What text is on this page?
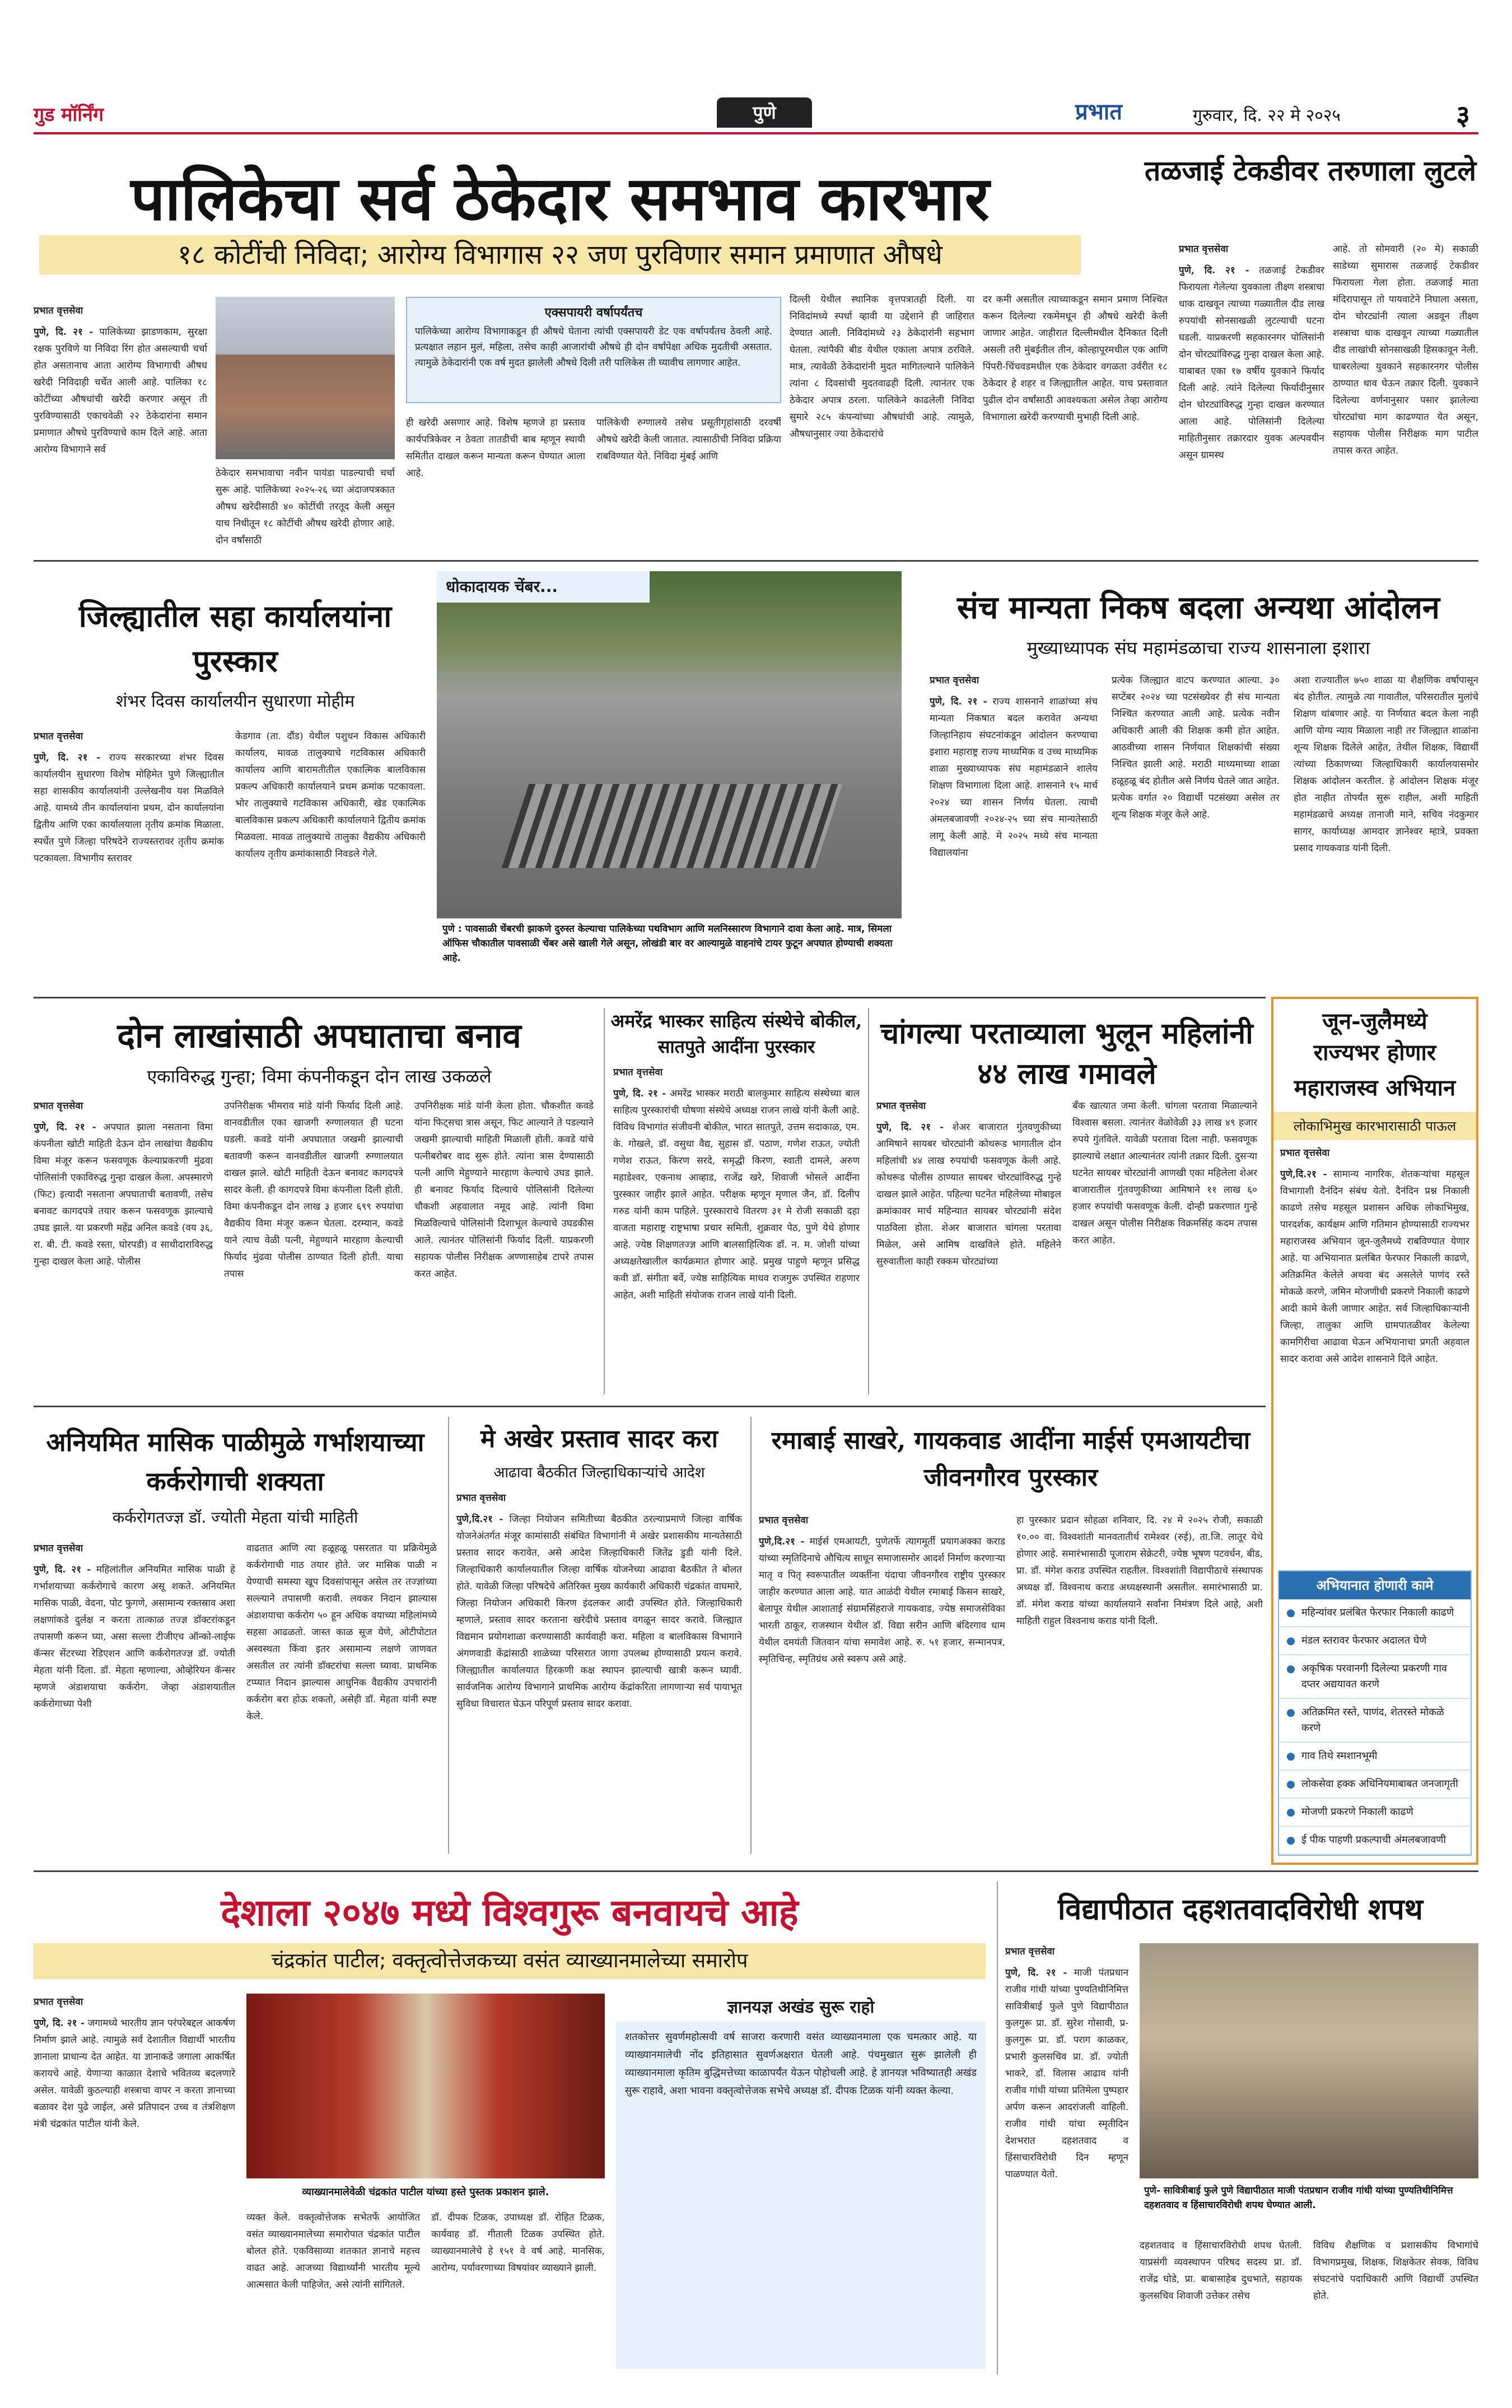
गुड मॉर्निंग	पुणे	प्रभात	गुरुवार, दि. २२ मे २०२५	३
पालिकेचा सर्व ठेकेदार समभाव कारभार
१८ कोटींची निविदा; आरोग्य विभागास २२ जण पुरविणार समान प्रमाणात औषधे
प्रभात वृत्तसेवा
पुणे, दि. २१ - पालिकेच्या झाडणकाम, सुरक्षा रक्षक पुरविणे या निविदा रिंग होत असल्याची चर्चा होत असतानाच आता आरोग्य विभागाची औषध खरेदी निविदाही चर्चेत आली आहे. पालिका १८ कोटींच्या औषधांची खरेदी करणार असून ती पुरविण्यासाठी एकाचवेळी २२ ठेकेदारांना समान प्रमाणात औषधे पुरविण्याचे काम दिले आहे. आता आरोग्य विभागाने सर्व
ठेकेदार समभावाचा नवीन पायंडा पाडल्याची चर्चा सुरू आहे. पालिकेच्या २०२५-२६ च्या अंदाजपत्रकात औषध खरेदीसाठी ४० कोटींची तरतूद केली असून याच निधीतून १८ कोटींची औषध खरेदी होणार आहे. दोन वर्षांसाठी
एक्सपायरी वर्षापर्यंतच
पालिकेच्या आरोग्य विभागाकडून ही औषधे घेताना त्यांची एक्सपायरी डेट एक वर्षापर्यंतच ठेवली आहे. प्रत्यक्षात लहान मुलं, महिला, तसेच काही आजारांची औषधे ही दोन वर्षांपेक्षा अधिक मुदतीची असतात. त्यामुळे ठेकेदारांनी एक वर्ष मुदत झालेली औषधे दिली तरी पालिकेस ती घ्यावीच लागणार आहेत.
ही खरेदी असणार आहे. विशेष म्हणजे हा प्रस्ताव कार्यपत्रिकेवर न ठेवता तातडीची बाब म्हणून स्थायी समितीत दाखल करून मान्यता करून घेण्यात आला आहे.
पालिकेची रुग्णालये तसेच प्रसूतीगृहांसाठी दरवर्षी औषधे खरेदी केली जातात. त्यासाठीची निविदा प्रक्रिया राबविण्यात येते. निविदा मुंबई आणि
दिल्ली येथील स्थानिक वृत्तपत्रातही दिली. या निविदांमध्ये स्पर्धा व्हावी या उद्देशाने ही जाहिरात देण्यात आली. निविदांमध्ये २३ ठेकेदारांनी सहभाग घेतला. त्यांपैकी बीड येथील एकाला अपात्र ठरविले. मात्र, त्यावेळी ठेकेदारांनी मुदत मागितल्याने पालिकेने त्यांना ८ दिवसांची मुदतवाढही दिली. त्यानंतर एक ठेकेदार अपात्र ठरला. पालिकेने काढलेली निविदा सुमारे २८५ कंपन्यांच्या औषधांची आहे. त्यामुळे, औषधानुसार ज्या ठेकेदारांचे
दर कमी असतील त्याच्याकडून समान प्रमाण निश्चित करून दिलेल्या रकमेमधून ही औषधे खरेदी केली जाणार आहेत. जाहीरात दिल्लीमधील दैनिकात दिली असली तरी मुंबईतील तीन, कोल्हापूरमधील एक आणि पिंपरी-चिंचवडमधील एक ठेकेदार वगळता उर्वरीत १८ ठेकेदार हे शहर व जिल्ह्यातील आहेत. याच प्रस्तावात पुढील दोन वर्षांसाठी आवश्यकता असेल तेव्हा आरोग्य विभागाला खरेदी करण्याची मुभाही दिली आहे.
तळजाई टेकडीवर तरुणाला लुटले
प्रभात वृत्तसेवा
पुणे, दि. २१ - तळजाई टेकडीवर फिरायला गेलेल्या युवकाला तीक्ष्ण शस्त्राचा धाक दाखवून त्याच्या गळ्यातील दीड लाख रुपयांची सोनसाखळी लुटल्याची घटना घडली. याप्रकरणी सहकारनगर पोलिसांनी दोन चोरट्यांविरुद्ध गुन्हा दाखल केला आहे. याबाबत एका १७ वर्षीय युवकाने फिर्याद दिली आहे. त्यांने दिलेल्या फिर्यादीनुसार दोन चोरट्यांविरुद्ध गुन्हा दाखल करण्यात आला आहे. पोलिसांनी दिलेल्या माहितीनुसार तक्रारदार युवक अल्पवयीन असून ग्रामस्थ
आहे. तो सोमवारी (२० मे) सकाळी साडेच्या सुमारास तळजाई टेकडीवर फिरायला गेला होता. तळजाई माता मंदिरापासून तो पायवाटेने निघाला असता, दोन चोरट्यांनी त्याला अडवून तीक्ष्ण शस्त्राचा धाक दाखवून त्याच्या गळ्यातील दीड लाखांची सोनसाखळी हिसकावून नेली. घाबरलेल्या युवकाने सहकारनगर पोलीस ठाण्यात धाव घेऊन तक्रार दिली. युवकाने दिलेल्या वर्णनानुसार पसार झालेल्या चोरट्यांचा माग काढण्यात येत असून, सहायक पोलीस निरीक्षक माग पाटील तपास करत आहेत.
जिल्ह्यातील सहा कार्यालयांना पुरस्कार
शंभर दिवस कार्यालयीन सुधारणा मोहीम
प्रभात वृत्तसेवा
पुणे, दि. २१ - राज्य सरकारच्या शंभर दिवस कार्यालयीन सुधारणा विशेष मोहिमेत पुणे जिल्ह्यातील सहा शासकीय कार्यालयांनी उल्लेखनीय यश मिळविले आहे. यामध्ये तीन कार्यालयांना प्रथम, दोन कार्यालयांना द्वितीय आणि एका कार्यालयाला तृतीय क्रमांक मिळाला. स्पर्धेत पुणे जिल्हा परिषदेने राज्यस्तरावर तृतीय क्रमांक पटकावला. विभागीय स्तरावर
केडगाव (ता. दौंड) येथील पशुधन विकास अधिकारी कार्यालय, मावळ तालुक्याचे गटविकास अधिकारी कार्यालय आणि बारामतीतील एकात्मिक बालविकास प्रकल्प अधिकारी कार्यालयाने प्रथम क्रमांक पटकावला. भोर तालुक्याचे गटविकास अधिकारी, खेड एकात्मिक बालविकास प्रकल्प अधिकारी कार्यालयाने द्वितीय क्रमांक मिळवला. मावळ तालुक्याचे तालुका वैद्यकीय अधिकारी कार्यालय तृतीय क्रमांकासाठी निवडले गेले.
धोकादायक चेंबर...
पुणे : पावसाळी चेंबरची झाकणे दुरुस्त केल्याचा पालिकेच्या पथविभाग आणि मलनिस्सारण विभागाने दावा केला आहे. मात्र, सिमला ऑफिस चौकातील पावसाळी चेंबर असे खाली गेले असून, लोखंडी बार वर आल्यामुळे वाहनांचे टायर फुटून अपघात होण्याची शक्यता आहे.
संच मान्यता निकष बदला अन्यथा आंदोलन
मुख्याध्यापक संघ महामंडळाचा राज्य शासनाला इशारा
प्रभात वृत्तसेवा
पुणे, दि. २१ - राज्य शासनाने शाळांच्या संच मान्यता निकषात बदल करावेत अन्यथा जिल्हानिहाय संघटनांकडून आंदोलन करण्याचा इशारा महाराष्ट्र राज्य माध्यमिक व उच्च माध्यमिक शाळा मुख्याध्यापक संघ महामंडळाने शालेय शिक्षण विभागाला दिला आहे. शासनाने १५ मार्च २०२४ च्या शासन निर्णय घेतला. त्याची अंमलबजावणी २०२४-२५ च्या संच मान्यतेसाठी लागू केली आहे. मे २०२५ मध्ये संच मान्यता विद्यालयांना
प्रत्येक जिल्ह्यात वाटप करण्यात आल्या. ३० सप्टेंबर २०२४ च्या पटसंख्येवर ही संच मान्यता निश्चित करण्यात आली आहे. प्रत्येक नवीन अधिकारी आली की शिक्षक कमी होत आहेत. आठवीच्या शासन निर्णयात शिक्षकांची संख्या निश्चित झाली आहे. मराठी माध्यमाच्या शाळा हळूहळू बंद होतील असे निर्णय घेतले जात आहेत. प्रत्येक वर्गात २० विद्यार्थी पटसंख्या असेल तर शून्य शिक्षक मंजूर केले आहे.
अशा राज्यातील ७५० शाळा या शैक्षणिक वर्षापासून बंद होतील. त्यामुळे त्या गावातील, परिसरातील मुलांचे शिक्षण थांबणार आहे. या निर्णयात बदल केला नाही आणि योग्य न्याय मिळाला नाही तर जिल्ह्यात शाळांना शून्य शिक्षक दिलेले आहेत, तेथील शिक्षक, विद्यार्थी त्यांच्या ठिकाणच्या जिल्हाधिकारी कार्यालयासमोर शिक्षक आंदोलन करतील. हे आंदोलन शिक्षक मंजूर होत नाहीत तोपर्यंत सुरू राहील, अशी माहिती महामंडळाचे अध्यक्ष तानाजी माने, सचिव नंदकुमार सागर, कार्याध्यक्ष आमदार ज्ञानेश्वर म्हात्रे, प्रवक्ता प्रसाद गायकवाड यांनी दिली.
दोन लाखांसाठी अपघाताचा बनाव
एकाविरुद्ध गुन्हा; विमा कंपनीकडून दोन लाख उकळले
प्रभात वृत्तसेवा
पुणे, दि. २१ - अपघात झाला नसताना विमा कंपनीला खोटी माहिती देऊन दोन लाखांचा वैद्यकीय विमा मंजूर करून फसवणूक केल्याप्रकरणी मुंढवा पोलिसांनी एकाविरुद्ध गुन्हा दाखल केला. अपस्मारणे (फिट) इत्यादी नसताना अपघाताची बतावणी, तसेच बनावट कागदपत्रे तयार करून फसवणूक झाल्याचे उघड झाले. या प्रकरणी महेंद्र अनिल कवडे (वय ३६, रा. बी. टी. कवडे रस्ता, घोरपडी) व साथीदाराविरुद्ध गुन्हा दाखल केला आहे. पोलीस
उपनिरीक्षक भीमराव मांडे यांनी फिर्याद दिली आहे. वानवडीतील एका खाजगी रुग्णालयात ही घटना घडली. कवडे यांनी अपघातात जखमी झाल्याची बतावणी करून वानवडीतील खाजगी रुग्णालयात दाखल झाले. खोटी माहिती देऊन बनावट कागदपत्रे सादर केली. ही कागदपत्रे विमा कंपनीला दिली होती. विमा कंपनीकडून दोन लाख ३ हजार ६९९ रुपयांचा वैद्यकीय विमा मंजूर करून घेतला. दरम्यान, कवडे याने त्याच वेळी पत्नी, मेहुण्याने मारहाण केल्याची फिर्याद मुंढवा पोलीस ठाण्यात दिली होती. याचा तपास
उपनिरीक्षक मांडे यांनी केला होता. चौकशीत कवडे यांना फिट्सचा त्रास असून, फिट आल्याने ते पडल्याने जखमी झाल्याची माहिती मिळाली होती. कवडे यांचे पत्नीबरोबर वाद सुरू होते. त्यांना त्रास देण्यासाठी पत्नी आणि मेहुण्याने मारहाण केल्याचे उघड झाले. ही बनावट फिर्याद दिल्याचे पोलिसांनी दिलेल्या चौकशी अहवालात नमूद आहे. त्यांनी विमा मिळविल्याचे पोलिसांनी दिशाभूल केल्याचे उघडकीस आले. त्यानंतर पोलिसांनी फिर्याद दिली. याप्रकरणी सहायक पोलीस निरीक्षक अण्णासाहेब टापरे तपास करत आहेत.
अमरेंद्र भास्कर साहित्य संस्थेचे बोकील, सातपुते आदींना पुरस्कार
प्रभात वृत्तसेवा
पुणे, दि. २१ - अमरेंद्र भास्कर मराठी बालकुमार साहित्य संस्थेच्या बाल साहित्य पुरस्कारांची घोषणा संस्थेचे अध्यक्ष राजन लाखे यांनी केली आहे. विविध विभागांत संजीवनी बोकील, भारत सातपुते, उत्तम सदाकाळ, एम. के. गोखले, डॉ. वसुधा वैद्य, सुहास डॉ. पठाण, गणेश राऊत, ज्योती गणेश राऊत, किरण सरदे, समृद्धी किरण, स्वाती दामले, अरुण महाडेश्वर, एकनाथ आव्हाड, राजेंद्र खरे, शिवाजी भोसले आदींना पुरस्कार जाहीर झाले आहेत. परीक्षक म्हणून मृणाल जैन, डॉ. दिलीप गरुड यांनी काम पाहिले. पुरस्काराचे वितरण ३१ मे रोजी सकाळी दहा वाजता महाराष्ट्र राष्ट्रभाषा प्रचार समिती, शुक्रवार पेठ, पुणे येथे होणार आहे. ज्येष्ठ शिक्षणतज्ज्ञ आणि बालसाहित्यिक डॉ. न. म. जोशी यांच्या अध्यक्षतेखालील कार्यक्रमात होणार आहे. प्रमुख पाहुणे म्हणून प्रसिद्ध कवी डॉ. संगीता बर्वे, ज्येष्ठ साहित्यिक माधव राजगुरू उपस्थित राहणार आहेत, अशी माहिती संयोजक राजन लाखे यांनी दिली.
चांगल्या परताव्याला भुलून महिलांनी ४४ लाख गमावले
प्रभात वृत्तसेवा
पुणे, दि. २१ - शेअर बाजारात गुंतवणुकीच्या आमिषाने सायबर चोरट्यांनी कोथरूड भागातील दोन महिलांची ४४ लाख रुपयांची फसवणूक केली आहे. कोथरूड पोलीस ठाण्यात सायबर चोरट्यांविरुद्ध गुन्हे दाखल झाले आहेत. पहिल्या घटनेत महिलेच्या मोबाइल क्रमांकावर मार्च महिन्यात सायबर चोरट्यांनी संदेश पाठविला होता. शेअर बाजारात चांगला परतावा मिळेल, असे आमिष दाखविले होते. महिलेने सुरुवातीला काही रक्कम चोरट्यांच्या
बँक खात्यात जमा केली. चांगला परतावा मिळाल्याने विश्वास बसला. त्यानंतर वेळोवेळी ३३ लाख ४९ हजार रुपये गुंतविले. यावेळी परतावा दिला नाही. फसवणूक झाल्याचे लक्षात आल्यानंतर त्यांनी तक्रार दिली. दुसऱ्या घटनेत सायबर चोरट्यांनी आणखी एका महिलेला शेअर बाजारातील गुंतवणुकीच्या आमिषाने ११ लाख ६० हजार रुपयांची फसवणूक केली. दोन्ही प्रकरणात गुन्हे दाखल असून पोलीस निरीक्षक विक्रमसिंह कदम तपास करत आहेत.
जून-जुलैमध्ये
राज्यभर होणार
महाराजस्व अभियान
लोकाभिमुख कारभारासाठी पाऊल
प्रभात वृत्तसेवा
पुणे,दि.२१ - सामान्य नागरिक, शेतकऱ्यांचा महसूल विभागाशी दैनंदिन संबंध येतो. दैनंदिन प्रश्न निकाली काढणे तसेच महसूल प्रशासन अधिक लोकाभिमुख, पारदर्शक, कार्यक्षम आणि गतिमान होण्यासाठी राज्यभर महाराजस्व अभियान जून-जुलैमध्ये राबविण्यात येणार आहे. या अभियानात प्रलंबित फेरफार निकाली काढणे, अतिक्रमित केलेले अथवा बंद असलेले पाणंद रस्ते मोकळे करणे, जमिन मोजणीची प्रकरणे निकाली काढणे आदी कामे केली जाणार आहेत. सर्व जिल्हाधिकाऱ्यांनी जिल्हा, तालुका आणि ग्रामपातळीवर केलेल्या कामगिरीचा आढावा घेऊन अभियानाचा प्रगती अहवाल सादर करावा असे आदेश शासनाने दिले आहेत.
अभियानात होणारी कामे
महिन्यांवर प्रलंबित फेरफार निकाली काढणे
मंडल स्तरावर फेरफार अदालत घेणे
अकृषिक परवानगी दिलेल्या प्रकरणी गाव दप्तर अद्ययावत करणे
अतिक्रमित रस्ते, पाणंद, शेतरस्ते मोकळे करणे
गाव तिथे स्मशानभूमी
लोकसेवा हक्क अधिनियमाबाबत जनजागृती
मोजणी प्रकरणे निकाली काढणे
ई पीक पाहणी प्रकल्पाची अंमलबजावणी
अनियमित मासिक पाळीमुळे गर्भाशयाच्या कर्करोगाची शक्यता
कर्करोगतज्ज्ञ डॉ. ज्योती मेहता यांची माहिती
प्रभात वृत्तसेवा
पुणे, दि. २१ - महिलांतील अनियमित मासिक पाळी हे गर्भाशयाच्या कर्करोगाचे कारण असू शकते. अनियमित मासिक पाळी, वेदना, पोट फुगणे, असामान्य रक्तस्राव अशा लक्षणांकडे दुर्लक्ष न करता तात्काळ तज्ज्ञ डॉक्टरांकडून तपासणी करून घ्या, असा सल्ला टीजीएच ऑन्को-लाईफ कॅन्सर सेंटरच्या रेडिएशन आणि कर्करोगतज्ज्ञ डॉ. ज्योती मेहता यांनी दिला. डॉ. मेहता म्हणाल्या, ओव्हेरियन कॅन्सर म्हणजे अंडाशयाचा कर्करोग. जेव्हा अंडाशयातील कर्करोगाच्या पेशी
वाढतात आणि त्या हळूहळू पसरतात या प्रक्रियेमुळे कर्करोगाची गाठ तयार होते. जर मासिक पाळी न येण्याची समस्या खूप दिवसांपासून असेल तर तज्ज्ञांच्या सल्ल्याने तपासणी करावी. लवकर निदान झाल्यास अंडाशयाचा कर्करोग ५० हून अधिक वयाच्या महिलांमध्ये सहसा आढळतो. जास्त काळ सूज येणे, ओटीपोटात अस्वस्थता किंवा इतर असामान्य लक्षणे जाणवत असतील तर त्यांनी डॉक्टरांचा सल्ला घ्यावा. प्राथमिक टप्प्यात निदान झाल्यास आधुनिक वैद्यकीय उपचारांनी कर्करोग बरा होऊ शकतो, असेही डॉ. मेहता यांनी स्पष्ट केले.
मे अखेर प्रस्ताव सादर करा
आढावा बैठकीत जिल्हाधिकाऱ्यांचे आदेश
प्रभात वृत्तसेवा
पुणे,दि.२१ - जिल्हा नियोजन समितीच्या बैठकीत ठरल्याप्रमाणे जिल्हा वार्षिक योजनेअंतर्गत मंजूर कामांसाठी संबंधित विभागांनी मे अखेर प्रशासकीय मान्यतेसाठी प्रस्ताव सादर करावेत, असे आदेश जिल्हाधिकारी जितेंद्र डुडी यांनी दिले. जिल्हाधिकारी कार्यालयातील जिल्हा वार्षिक योजनेच्या आढावा बैठकीत ते बोलत होते. यावेळी जिल्हा परिषदेचे अतिरिक्त मुख्य कार्यकारी अधिकारी चंद्रकांत वाघमारे, जिल्हा नियोजन अधिकारी किरण इंदलकर आदी उपस्थित होते. जिल्हाधिकारी म्हणाले, प्रस्ताव सादर करताना खरेदीचे प्रस्ताव वगळून सादर करावे. जिल्ह्यात विद्यमान प्रयोगशाळा करण्यासाठी कार्यवाही करा. महिला व बालविकास विभागाने अंगणवाडी केंद्रांसाठी शाळेच्या परिसरात जागा उपलब्ध होण्यासाठी प्रयत्न करावे. जिल्ह्यातील कार्यालयात हिरकणी कक्ष स्थापन झाल्याची खात्री करून घ्यावी. सार्वजनिक आरोग्य विभागाने प्राथमिक आरोग्य केंद्रांकरिता लागणाऱ्या सर्व पायाभूत सुविधा विचारात घेऊन परिपूर्ण प्रस्ताव सादर करावा.
रमाबाई साखरे, गायकवाड आदींना माईर्स एमआयटीचा जीवनगौरव पुरस्कार
प्रभात वृत्तसेवा
पुणे,दि.२१ - माईर्स एमआयटी, पुणेतर्फे त्यागमूर्ती प्रयागअक्का कराड यांच्या स्मृतिदिनाचे औचित्य साधून समाजासमोर आदर्श निर्माण करणाऱ्या मातृ व पितृ स्वरूपातील व्यक्तींना यंदाचा जीवनगौरव राष्ट्रीय पुरस्कार जाहीर करण्यात आला आहे. यात आळंदी येथील रमाबाई किसन साखरे, बेलापूर येथील आशाताई संग्रामसिंहराजे गायकवाड, ज्येष्ठ समाजसेविका भारती ठाकूर, राजस्थान येथील डॉ. विद्या सरीन आणि बंदिरगाव धाम येथील दमयंती जितवान यांचा समावेश आहे. रु. ५१ हजार, सन्मानपत्र, स्मृतिचिन्ह, स्मृतिग्रंथ असे स्वरूप असे आहे.
हा पुरस्कार प्रदान सोहळा शनिवार, दि. २४ मे २०२५ रोजी, सकाळी १०.०० वा. विश्वशांती मानवतातीर्थ रामेश्वर (रुई), ता.जि. लातूर येथे होणार आहे. समारंभासाठी पूजाराम सेक्रेटरी, ज्येष्ठ भूषण पटवर्धन, बीड, प्रा. डॉ. मंगेश कराड उपस्थित राहतील. विश्वशांती विद्यापीठाचे संस्थापक अध्यक्ष डॉ. विश्वनाथ कराड अध्यक्षस्थानी असतील. समारंभासाठी प्रा. डॉ. मंगेश कराड यांच्या कार्यालयाने सर्वांना निमंत्रण दिले आहे, अशी माहिती राहुल विश्वनाथ कराड यांनी दिली.
देशाला २०४७ मध्ये विश्वगुरू बनवायचे आहे
चंद्रकांत पाटील; वक्तृत्वोत्तेजकच्या वसंत व्याख्यानमालेच्या समारोप
प्रभात वृत्तसेवा
पुणे, दि. २१ - जगामध्ये भारतीय ज्ञान परंपरेबद्दल आकर्षण निर्माण झाले आहे. त्यामुळे सर्व देशातील विद्यार्थी भारतीय ज्ञानाला प्राधान्य देत आहेत. या ज्ञानाकडे जगाला आकर्षित करायचे आहे. येणाऱ्या काळात देशाचे भवितव्य बदलणारे असेल. यावेळी कुठल्याही शस्त्राचा वापर न करता ज्ञानाच्या बळावर देश पुढे जाईल, असे प्रतिपादन उच्च व तंत्रशिक्षण मंत्री चंद्रकांत पाटील यांनी केले.
व्याख्यानमालेवेळी चंद्रकांत पाटील यांच्या हस्ते पुस्तक प्रकाशन झाले.
व्यक्त केले. वक्तृत्वोत्तेजक सभेतर्फे आयोजित वसंत व्याख्यानमालेच्या समारोपात चंद्रकांत पाटील बोलत होते. एकविसाव्या शतकात ज्ञानाचे महत्त्व वाढत आहे. आजच्या विद्यार्थ्यांनी भारतीय मूल्ये आत्मसात केली पाहिजेत, असे त्यांनी सांगितले.
डॉ. दीपक टिळक, उपाध्यक्ष डॉ. रोहित टिळक, कार्यवाह डॉ. गीताली टिळक उपस्थित होते. व्याख्यानमालेचे हे १५१ वे वर्ष आहे. मानसिक, आरोग्य, पर्यावरणाच्या विषयांवर व्याख्याने झाली.
ज्ञानयज्ञ अखंड सुरू राहो
शतकोत्तर सुवर्णमहोत्सवी वर्ष साजरा करणारी वसंत व्याख्यानमाला एक चमत्कार आहे. या व्याख्यानमालेची नोंद इतिहासात सुवर्णअक्षरात घेतली आहे. पंचमुखात सुरू झालेली ही व्याख्यानमाला कृतिम बुद्धिमत्तेच्या काळापर्यंत येऊन पोहोचली आहे. हे ज्ञानयज्ञ भविष्यातही अखंड सुरू राहावे, अशा भावना वक्तृत्वोत्तेजक सभेचे अध्यक्ष डॉ. दीपक टिळक यांनी व्यक्त केल्या.
विद्यापीठात दहशतवादविरोधी शपथ
प्रभात वृत्तसेवा
पुणे, दि. २१ - माजी पंतप्रधान राजीव गांधी यांच्या पुण्यतिथीनिमित्त सावित्रीबाई फुले पुणे विद्यापीठात कुलगुरू प्रा. डॉ. सुरेश गोसावी, प्र-कुलगुरू प्रा. डॉ. पराग काळकर, प्रभारी कुलसचिव प्रा. डॉ. ज्योती भाकरे, डॉ. विलास आढाव यांनी राजीव गांधी यांच्या प्रतिमेला पुष्पहार अर्पण करून आदरांजली वाहिली. राजीव गांधी यांचा स्मृतीदिन देशभरात दहशतवाद व हिंसाचारविरोधी दिन म्हणून पाळण्यात येतो.
पुणे- सावित्रीबाई फुले पुणे विद्यापीठात माजी पंतप्रधान राजीव गांधी यांच्या पुण्यतिथीनिमित्त दहशतवाद व हिंसाचारविरोधी शपथ घेण्यात आली.
दहशतवाद व हिंसाचारविरोधी शपथ घेतली. याप्रसंगी व्यवस्थापन परिषद सदस्य प्रा. डॉ. राजेंद्र घोडे, प्रा. बाबासाहेब दुधभाते, सहायक कुलसचिव शिवाजी उत्तेकर तसेच
विविध शैक्षणिक व प्रशासकीय विभागांचे विभागप्रमुख, शिक्षक, शिक्षकेतर सेवक, विविध संघटनांचे पदाधिकारी आणि विद्यार्थी उपस्थित होते.
